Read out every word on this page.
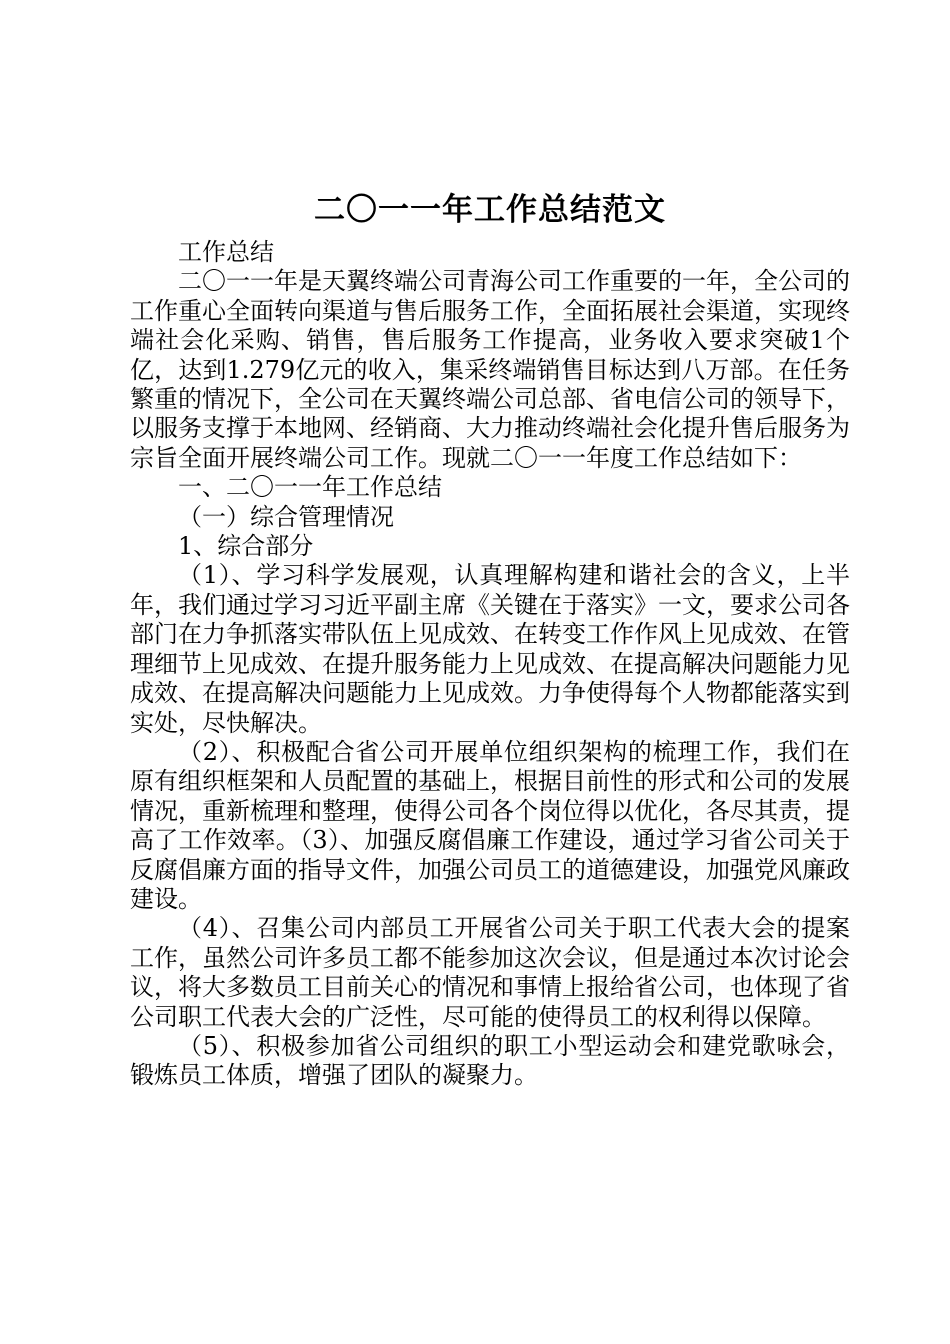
二〇一一年工作总结范文

工作总结

二〇一一年是天翼终端公司青海公司工作重要的一年，全公司的工作重心全面转向渠道与售后服务工作，全面拓展社会渠道，实现终端社会化采购、销售，售后服务工作提高，业务收入要求突破1个亿，达到1.279亿元的收入，集采终端销售目标达到八万部。在任务繁重的情况下，全公司在天翼终端公司总部、省电信公司的领导下，以服务支撑于本地网、经销商、大力推动终端社会化提升售后服务为宗旨全面开展终端公司工作。现就二〇一一年度工作总结如下：

一、二〇一一年工作总结

（一）综合管理情况

1、综合部分

（1）、学习科学发展观，认真理解构建和谐社会的含义，上半年，我们通过学习习近平副主席《关键在于落实》一文，要求公司各部门在力争抓落实带队伍上见成效、在转变工作作风上见成效、在管理细节上见成效、在提升服务能力上见成效、在提高解决问题能力见成效、在提高解决问题能力上见成效。力争使得每个人物都能落实到实处，尽快解决。

（2）、积极配合省公司开展单位组织架构的梳理工作，我们在原有组织框架和人员配置的基础上，根据目前性的形式和公司的发展情况，重新梳理和整理，使得公司各个岗位得以优化，各尽其责，提高了工作效率。（3）、加强反腐倡廉工作建设，通过学习省公司关于反腐倡廉方面的指导文件，加强公司员工的道德建设，加强党风廉政建设。

（4）、召集公司内部员工开展省公司关于职工代表大会的提案工作，虽然公司许多员工都不能参加这次会议，但是通过本次讨论会议，将大多数员工目前关心的情况和事情上报给省公司，也体现了省公司职工代表大会的广泛性，尽可能的使得员工的权利得以保障。

（5）、积极参加省公司组织的职工小型运动会和建党歌咏会，锻炼员工体质，增强了团队的凝聚力。
